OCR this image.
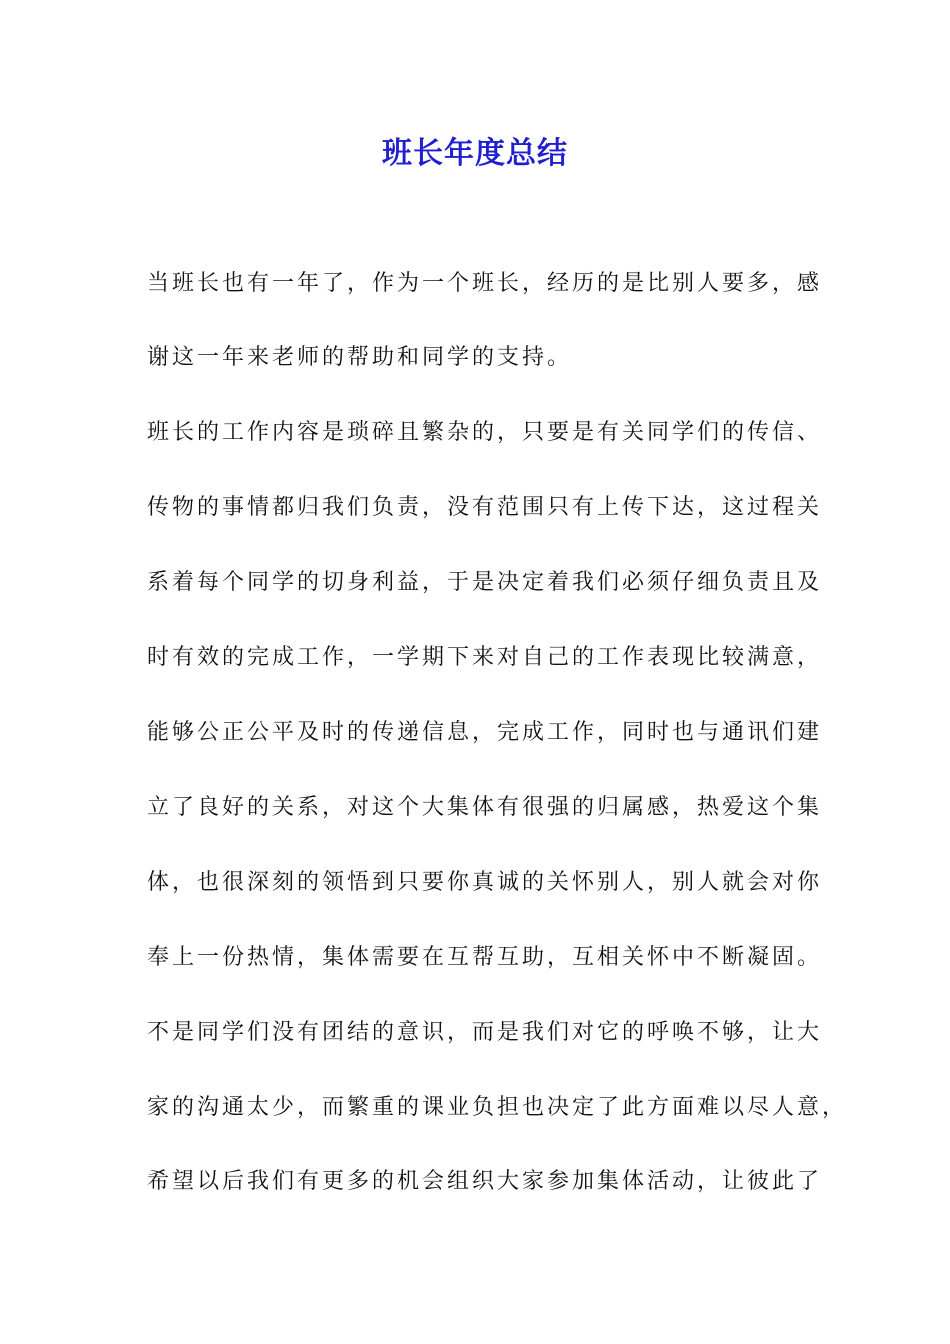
班长年度总结
当班长也有一年了，作为一个班长，经历的是比别人要多，感
谢这一年来老师的帮助和同学的支持。
班长的工作内容是琐碎且繁杂的，只要是有关同学们的传信、
传物的事情都归我们负责，没有范围只有上传下达，这过程关
系着每个同学的切身利益，于是决定着我们必须仔细负责且及
时有效的完成工作，一学期下来对自己的工作表现比较满意，
能够公正公平及时的传递信息，完成工作，同时也与通讯们建
立了良好的关系，对这个大集体有很强的归属感，热爱这个集
体，也很深刻的领悟到只要你真诚的关怀别人，别人就会对你
奉上一份热情，集体需要在互帮互助，互相关怀中不断凝固。
不是同学们没有团结的意识，而是我们对它的呼唤不够，让大
家的沟通太少，而繁重的课业负担也决定了此方面难以尽人意，
希望以后我们有更多的机会组织大家参加集体活动，让彼此了
